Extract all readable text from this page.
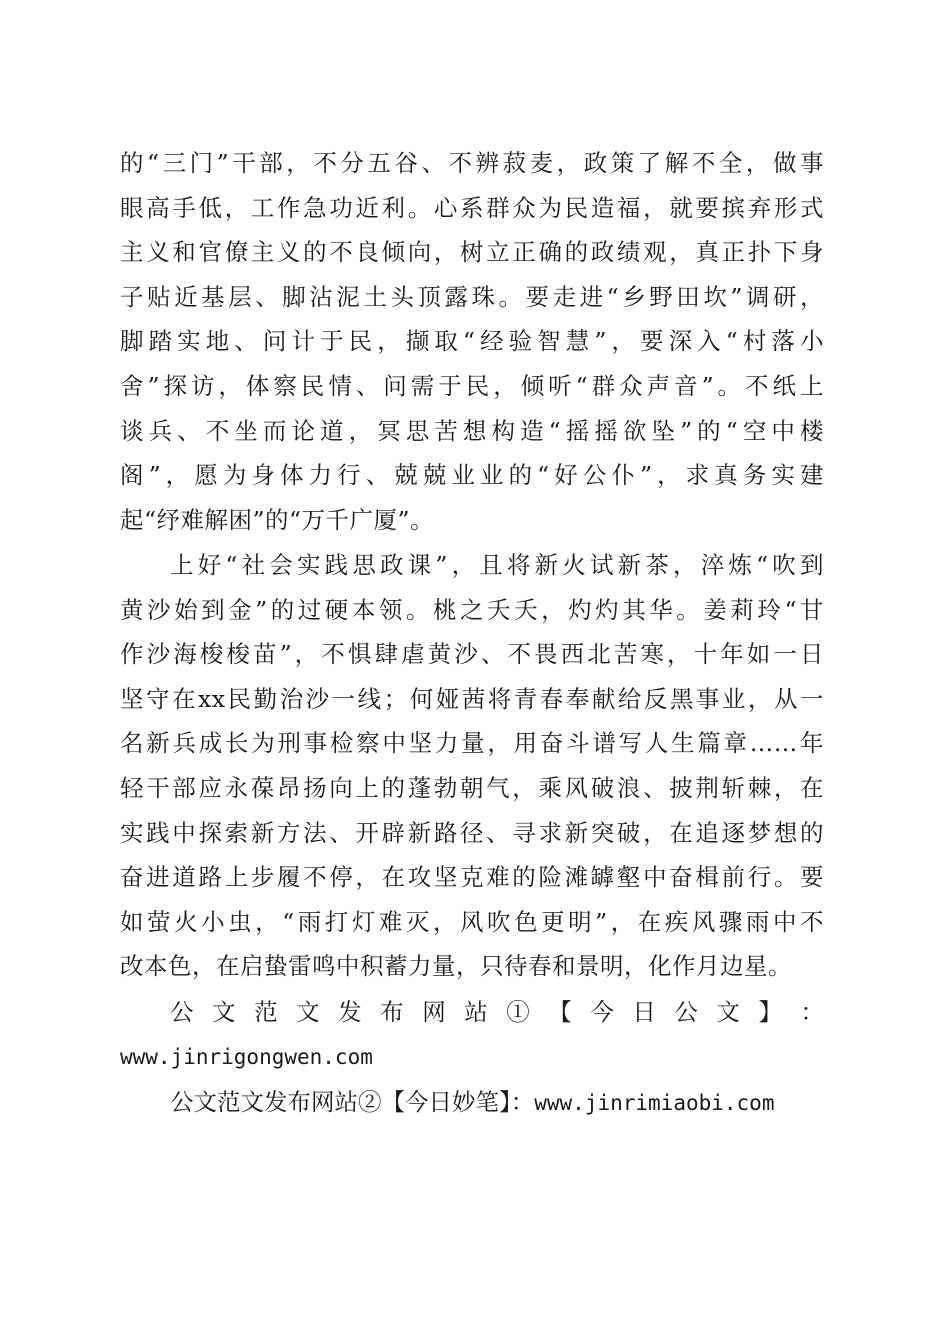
的“三门”干部，不分五谷、不辨菽麦，政策了解不全，做事
眼高手低，工作急功近利。心系群众为民造福，就要摈弃形式
主义和官僚主义的不良倾向，树立正确的政绩观，真正扑下身
子贴近基层、脚沾泥土头顶露珠。要走进“乡野田坎”调研，
脚踏实地、问计于民，撷取“经验智慧”，要深入“村落小
舍”探访，体察民情、问需于民，倾听“群众声音”。不纸上
谈兵、不坐而论道，冥思苦想构造“摇摇欲坠”的“空中楼
阁”，愿为身体力行、兢兢业业的“好公仆”，求真务实建
起“纾难解困”的“万千广厦”。
上好“社会实践思政课”，且将新火试新茶，淬炼“吹到
黄沙始到金”的过硬本领。桃之夭夭，灼灼其华。姜莉玲“甘
作沙海梭梭苗”，不惧肆虐黄沙、不畏西北苦寒，十年如一日
坚守在xx民勤治沙一线；何娅茜将青春奉献给反黑事业，从一
名新兵成长为刑事检察中坚力量，用奋斗谱写人生篇章……年
轻干部应永葆昂扬向上的蓬勃朝气，乘风破浪、披荆斩棘，在
实践中探索新方法、开辟新路径、寻求新突破，在追逐梦想的
奋进道路上步履不停，在攻坚克难的险滩罅壑中奋楫前行。要
如萤火小虫，“雨打灯难灭，风吹色更明”，在疾风骤雨中不
改本色，在启蛰雷鸣中积蓄力量，只待春和景明，化作月边星。
公 文 范 文 发 布 网 站 ① 【 今 日 公 文 】 ：
www.jinrigongwen.com
公文范文发布网站②【今日妙笔】：www.jinrimiaobi.com
